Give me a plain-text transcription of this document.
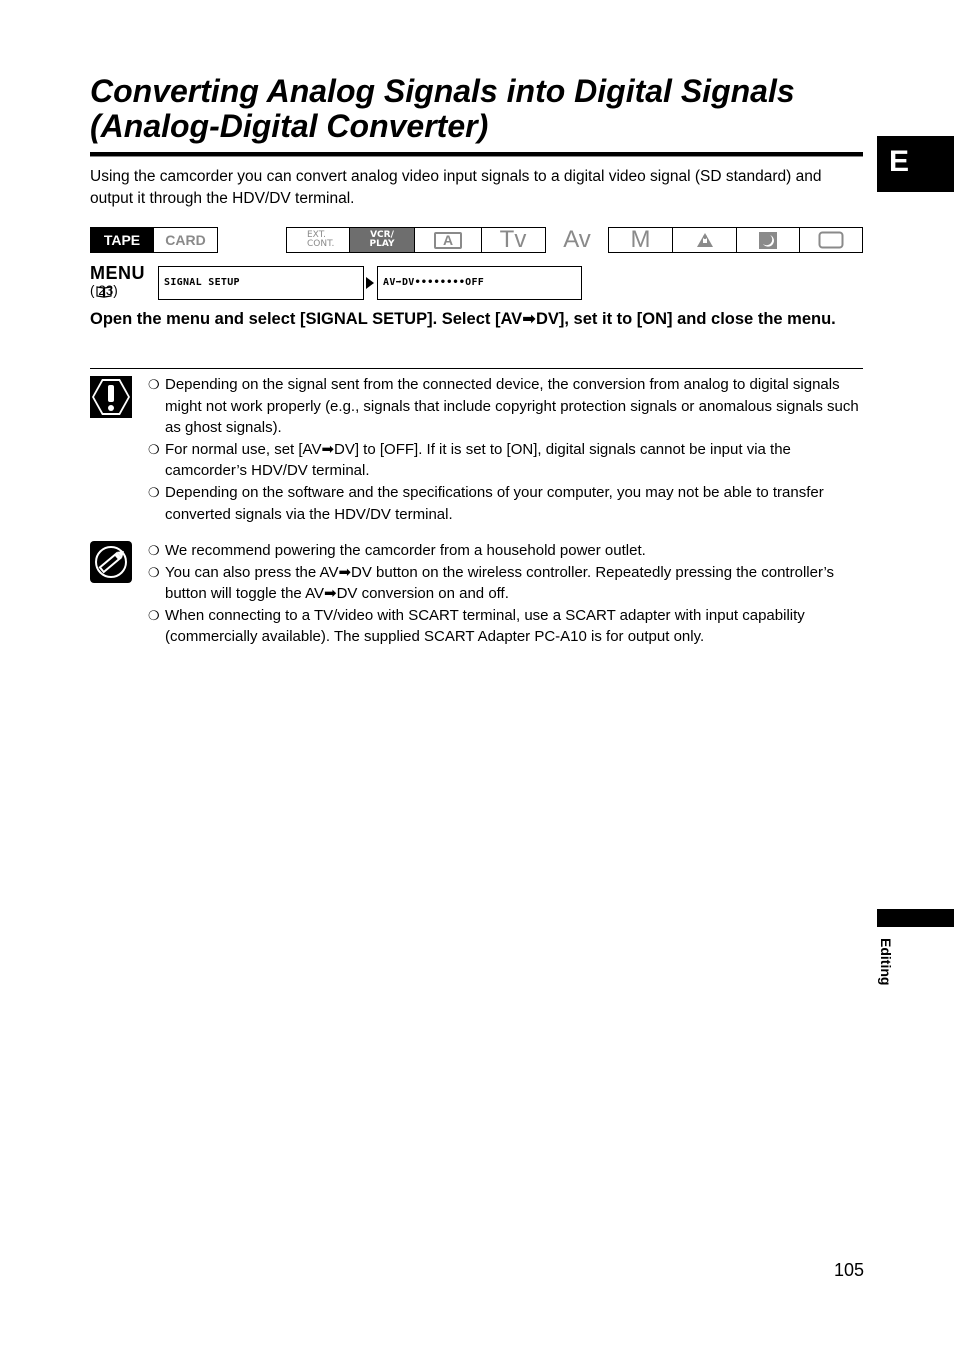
Converting Analog Signals into Digital Signals (Analog-Digital Converter)
E
Editing

Using the camcorder you can convert analog video input signals to a digital video signal (SD standard) and output it through the HDV/DV terminal.

TAPE CARD	EXT.
CONT.
VCR/
PLAY	A	Tv Av M
MENU
( 23)
SIGNAL SETUP	AV➡DV••••••••OFF

Open the menu and select [SIGNAL SETUP]. Select [AV➡DV], set it to [ON] and close the menu.

❍ Depending on the signal sent from the connected device, the conversion from analog to digital signals might not work properly (e.g., signals that include copyright protection signals or anomalous signals such as ghost signals).
❍ For normal use, set [AV➡DV] to [OFF]. If it is set to [ON], digital signals cannot be input via the camcorder’s HDV/DV terminal.
❍ Depending on the software and the specifications of your computer, you may not be able to transfer converted signals via the HDV/DV terminal.
❍ We recommend powering the camcorder from a household power outlet.
❍ You can also press the AV➡DV button on the wireless controller. Repeatedly pressing the controller’s button will toggle the AV➡DV conversion on and off.
❍ When connecting to a TV/video with SCART terminal, use a SCART adapter with input capability (commercially available). The supplied SCART Adapter PC-A10 is for output only.
105
